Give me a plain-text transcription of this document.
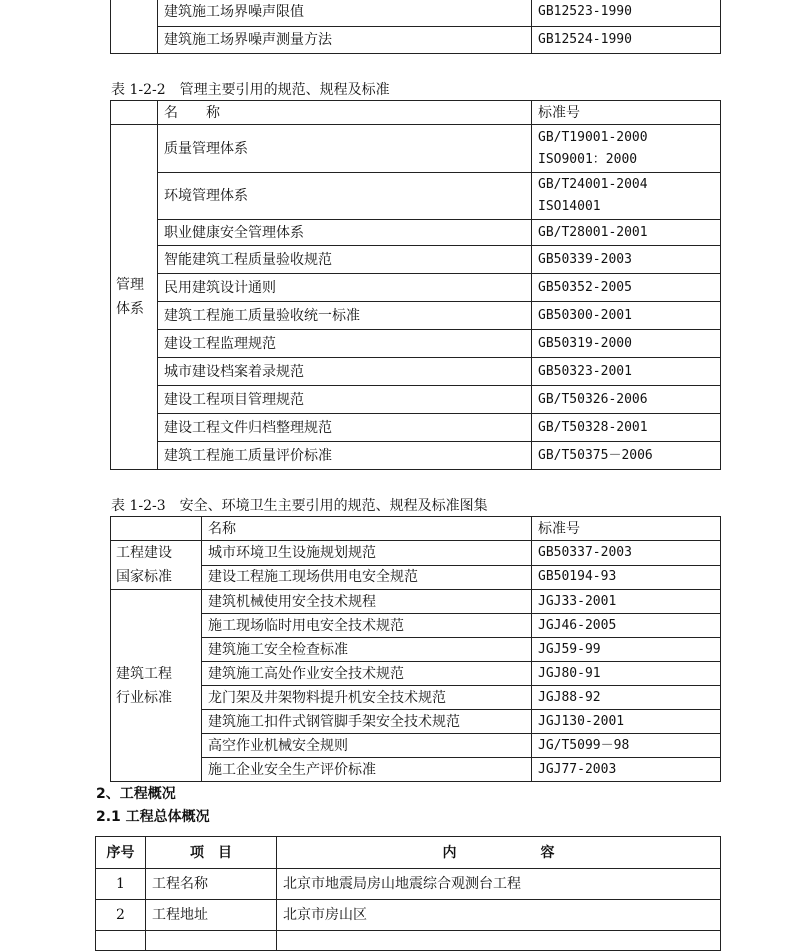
	建筑施工场界噪声限值	GB12523-1990
	建筑施工场界噪声测量方法	GB12524-1990
表 1-2-2　管理主要引用的规范、规程及标准
	名　　称	标准号
管理
体系	质量管理体系	GB/T19001-2000
ISO9001：2000
	环境管理体系	GB/T24001-2004
ISO14001
	职业健康安全管理体系	GB/T28001-2001
	智能建筑工程质量验收规范	GB50339-2003
	民用建筑设计通则	GB50352-2005
	建筑工程施工质量验收统一标准	GB50300-2001
	建设工程监理规范	GB50319-2000
	城市建设档案着录规范	GB50323-2001
	建设工程项目管理规范	GB/T50326-2006
	建设工程文件归档整理规范	GB/T50328-2001
	建筑工程施工质量评价标准	GB/T50375－2006
表 1-2-3　安全、环境卫生主要引用的规范、规程及标准图集
	名称	标准号
工程建设
国家标准	城市环境卫生设施规划规范	GB50337-2003
	建设工程施工现场供用电安全规范	GB50194-93
建筑工程
行业标准	建筑机械使用安全技术规程	JGJ33-2001
	施工现场临时用电安全技术规范	JGJ46-2005
	建筑施工安全检查标准	JGJ59-99
	建筑施工高处作业安全技术规范	JGJ80-91
	龙门架及井架物料提升机安全技术规范	JGJ88-92
	建筑施工扣件式钢管脚手架安全技术规范	JGJ130-2001
	高空作业机械安全规则	JG/T5099－98
	施工企业安全生产评价标准	JGJ77-2003
2、工程概况
2.1 工程总体概况
序号	项　目	内　　　　　　容
1	工程名称	北京市地震局房山地震综合观测台工程
2	工程地址	北京市房山区
